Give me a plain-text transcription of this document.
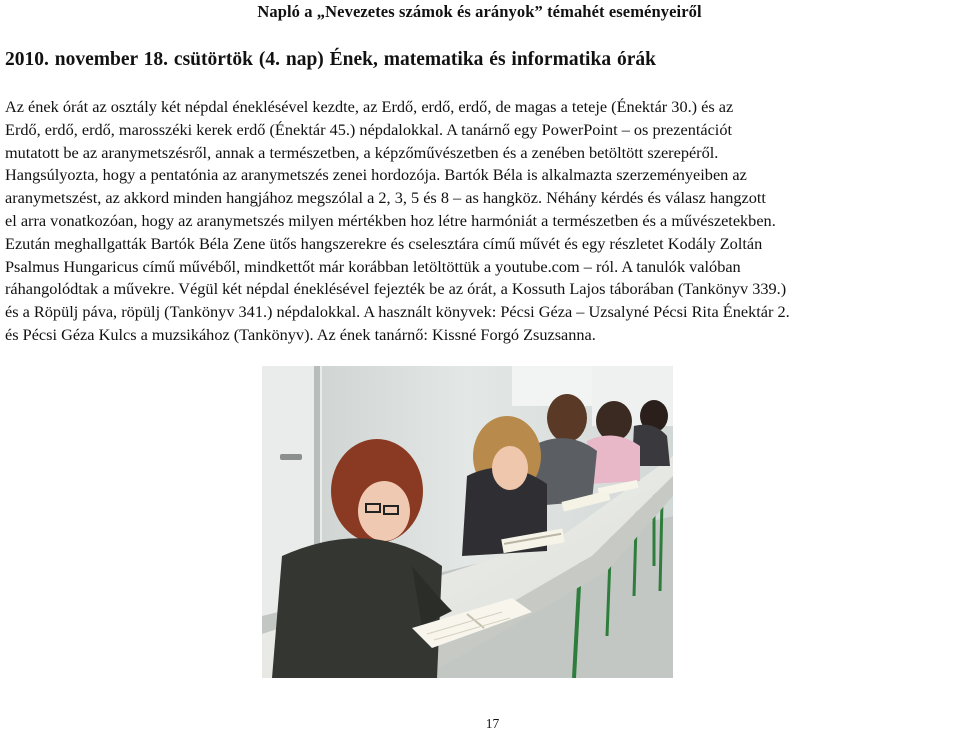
Napló a „Nevezetes számok és arányok” témahét eseményeiről
2010. november 18. csütörtök (4. nap) Ének, matematika és informatika órák
Az ének órát az osztály két népdal éneklésével kezdte, az Erdő, erdő, erdő, de magas a teteje (Énektár 30.) és az
Erdő, erdő, erdő, marosszéki kerek erdő (Énektár 45.) népdalokkal. A tanárnő egy PowerPoint – os prezentációt
mutatott be az aranymetszésről, annak a természetben, a képzőművészetben és a zenében betöltött szerepéről.
Hangsúlyozta, hogy a pentatónia az aranymetszés zenei hordozója. Bartók Béla is alkalmazta szerzeményeiben az
aranymetszést, az akkord minden hangjához megszólal a 2, 3, 5 és 8 – as hangköz. Néhány kérdés és válasz hangzott
el arra vonatkozóan, hogy az aranymetszés milyen mértékben hoz létre harmóniát a természetben és a művészetekben.
Ezután meghallgatták Bartók Béla Zene ütős hangszerekre és cselesztára című művét és egy részletet Kodály Zoltán
Psalmus Hungaricus című művéből, mindkettőt már korábban letöltöttük a youtube.com – ról. A tanulók valóban
ráhangolódtak a művekre. Végül két népdal éneklésével fejezték be az órát, a Kossuth Lajos táborában (Tankönyv 339.)
és a Röpülj páva, röpülj (Tankönyv 341.) népdalokkal. A használt könyvek: Pécsi Géza – Uzsalyné Pécsi Rita Énektár 2.
és Pécsi Géza Kulcs a muzsikához (Tankönyv). Az ének tanárnő: Kissné Forgó Zsuzsanna.
17
